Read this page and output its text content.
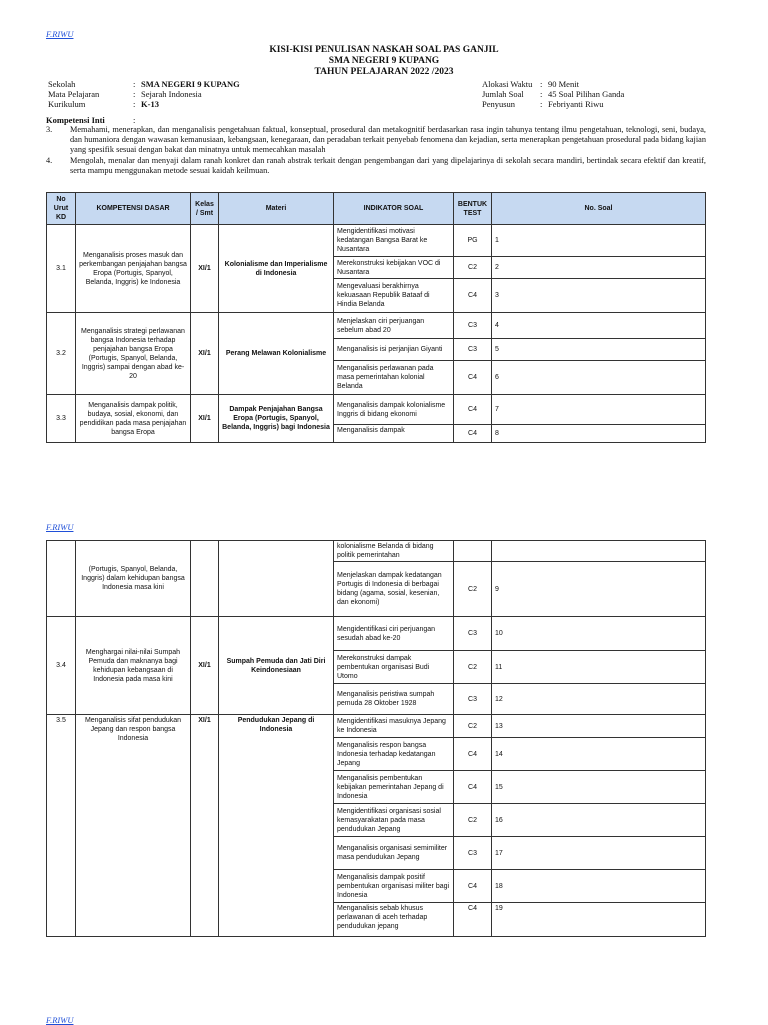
F.RIWU
KISI-KISI PENULISAN NASKAH SOAL PAS GANJIL
SMA NEGERI 9 KUPANG
TAHUN PELAJARAN 2022 /2023
Sekolah	: SMA NEGERI 9 KUPANG
Mata Pelajaran	: Sejarah Indonesia
Kurikulum	: K-13
Alokasi Waktu : 90 Menit
Jumlah Soal	: 45 Soal Pilihan Ganda
Penyusun	: Febriyanti Riwu
Kompetensi Inti	:
3.	Memahami, menerapkan, dan menganalisis pengetahuan faktual, konseptual, prosedural dan metakognitif berdasarkan rasa ingin tahunya tentang ilmu pengetahuan, teknologi, seni, budaya, dan humaniora dengan wawasan kemanusiaan, kebangsaan, kenegaraan, dan peradaban terkait penyebab fenomena dan kejadian, serta menerapkan pengetahuan prosedural pada bidang kajian yang spesifik sesuai dengan bakat dan minatnya untuk memecahkan masalah
4.	Mengolah, menalar dan menyaji dalam ranah konkret dan ranah abstrak terkait dengan pengembangan dari yang dipelajarinya di sekolah secara mandiri, bertindak secara efektif dan kreatif, serta mampu menggunakan metode sesuai kaidah keilmuan.
No Urut KD	KOMPETENSI DASAR	Kelas / Smt	Materi	INDIKATOR SOAL	BENTUK TEST	No. Soal
3.1	Menganalisis proses masuk dan perkembangan penjajahan bangsa Eropa (Portugis, Spanyol, Belanda, Inggris) ke Indonesia	XI/1	Kolonialisme dan Imperialisme di Indonesia	Mengidentifikasi motivasi kedatangan Bangsa Barat ke Nusantara	PG	1
				Merekonstruksi kebijakan VOC di Nusantara	C2	2
				Mengevaluasi berakhirnya kekuasaan Republik Bataaf di Hindia Belanda	C4	3
3.2	Menganalisis strategi perlawanan bangsa Indonesia terhadap penjajahan bangsa Eropa (Portugis, Spanyol, Belanda, Inggris) sampai dengan abad ke-20	XI/1	Perang Melawan Kolonialisme	Menjelaskan ciri perjuangan sebelum abad 20	C3	4
				Menganalisis isi perjanjian Giyanti	C3	5
				Menganalisis perlawanan pada masa pemerintahan kolonial Belanda	C4	6
3.3	Menganalisis dampak politik, budaya, sosial, ekonomi, dan pendidikan pada masa penjajahan bangsa Eropa	XI/1	Dampak Penjajahan Bangsa Eropa (Portugis, Spanyol, Belanda, Inggris) bagi Indonesia	Menganalisis dampak kolonialisme Inggris di bidang ekonomi	C4	7
				Menganalisis dampak	C4	8
F.RIWU
	(Portugis, Spanyol, Belanda, Inggris) dalam kehidupan bangsa Indonesia masa kini			kolonialisme Belanda di bidang politik pemerintahan		
				Menjelaskan dampak kedatangan Portugis di Indonesia di berbagai bidang (agama, sosial, kesenian, dan ekonomi)	C2	9
3.4	Menghargai nilai-nilai Sumpah Pemuda dan maknanya bagi kehidupan kebangsaan di Indonesia pada masa kini	XI/1	Sumpah Pemuda dan Jati Diri Keindonesiaan	Mengidentifikasi ciri perjuangan sesudah abad ke-20	C3	10
				Merekonstruksi dampak pembentukan organisasi Budi Utomo	C2	11
				Menganalisis peristiwa sumpah pemuda 28 Oktober 1928	C3	12
3.5	Menganalisis sifat pendudukan Jepang dan respon bangsa Indonesia	XI/1	Pendudukan Jepang di Indonesia	Mengidentifikasi masuknya Jepang ke Indonesia	C2	13
				Menganalisis respon bangsa Indonesia terhadap kedatangan Jepang	C4	14
				Menganalisis pembentukan kebijakan pemerintahan Jepang di Indonesia	C4	15
				Mengidentifikasi organisasi sosial kemasyarakatan pada masa pendudukan Jepang	C2	16
				Menganalisis organisasi semimiliter masa pendudukan Jepang	C3	17
				Menganalisis dampak positif pembentukan organisasi militer bagi Indonesia	C4	18
				Menganalisis sebab khusus perlawanan di aceh terhadap pendudukan jepang	C4	19
F.RIWU
